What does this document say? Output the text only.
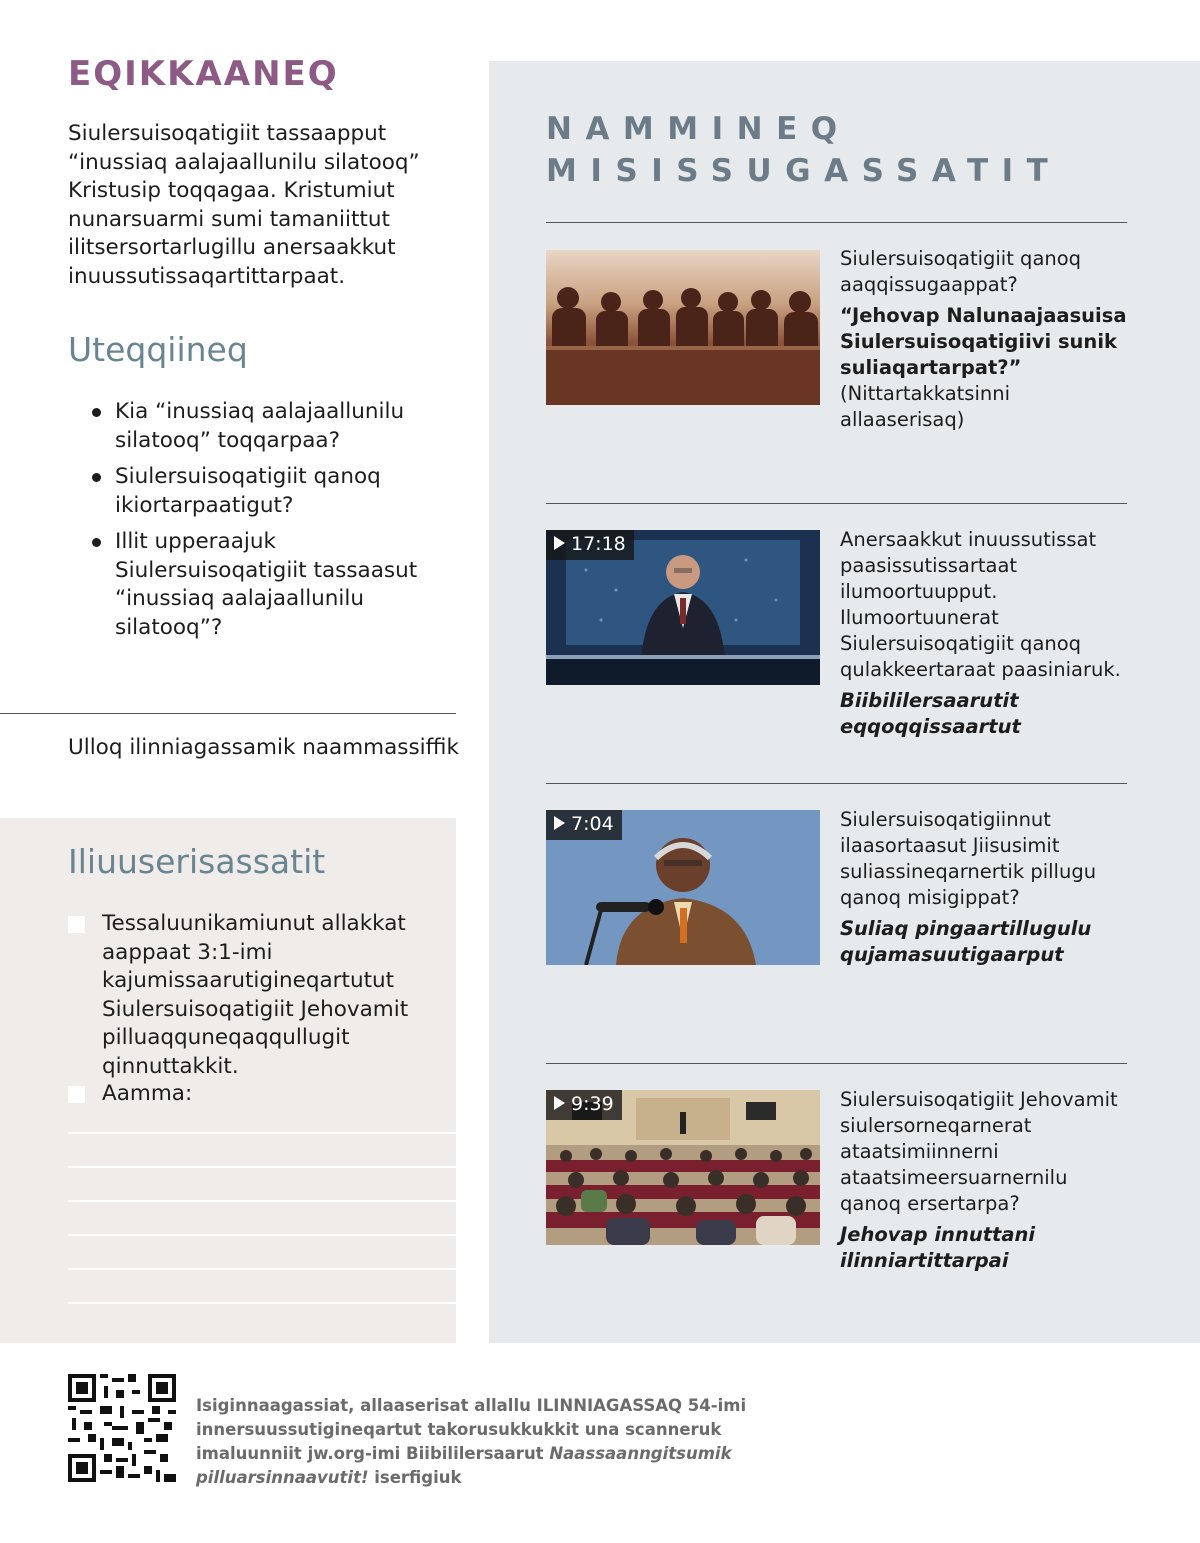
EQIKKAANEQ

Siulersuisoqatigiit tassaapput “inussiaq aalajaallunilu silatooq” Kristusip toqqagaa. Kristumiut nunarsuarmi sumi tamaniittut ilitsersortarlugillu anersaakkut inuussutissaqartittarpaat.

Uteqqiineq
Kia “inussiaq aalajaallunilu silatooq” toqqarpaa?
Siulersuisoqatigiit qanoq ikiortarpaatigut?
Illit upperaajuk Siulersuisoqatigiit tassaasut “inussiaq aalajaallunilu silatooq”?

Ulloq ilinniagassamik naammassiffik

Iliuuserisassatit
Tessaluunikamiunut allakkat aappaat 3:1-imi kajumissaarutigineqartutut Siulersuisoqatigiit Jehovamit pilluaqquneqaqqullugit qinnuttakkit.
Aamma:
NAMMINEQ
MISISSUGASSATIT

Siulersuisoqatigiit qanoq aaqqissugaappat?

“Jehovap Nalunaajaasuisa Siulersuisoqatigiivi sunik suliaqartarpat?”

(Nittartakkatsinni allaaserisaq)

17:18	Anersaakkut inuussutissat paasissutissartaat ilumoortuupput. Ilumoortuunerat Siulersuisoqatigiit qanoq qulakkeertaraat paasiniaruk.

Biibililersaarutit eqqoqqissaartut

7:04	Siulersuisoqatigiinnut ilaasortaasut Jiisusimit suliassineqarnertik pillugu qanoq misigippat?

Suliaq pingaartillugulu qujamasuutigaarput

9:39	Siulersuisoqatigiit Jehovamit siulersorneqarnerat ataatsimiinnerni ataatsimeersuarnernilu qanoq ersertarpa?

Jehovap innuttani ilinniartittarpai

Isiginnaagassiat, allaaserisat allallu ILINNIAGASSAQ 54-imi innersuussutigineqartut takorusukkukkit una scanneruk imaluunniit jw.org-imi Biibililersaarut Naassaanngitsumik pilluarsinnaavutit! iserfigiuk
